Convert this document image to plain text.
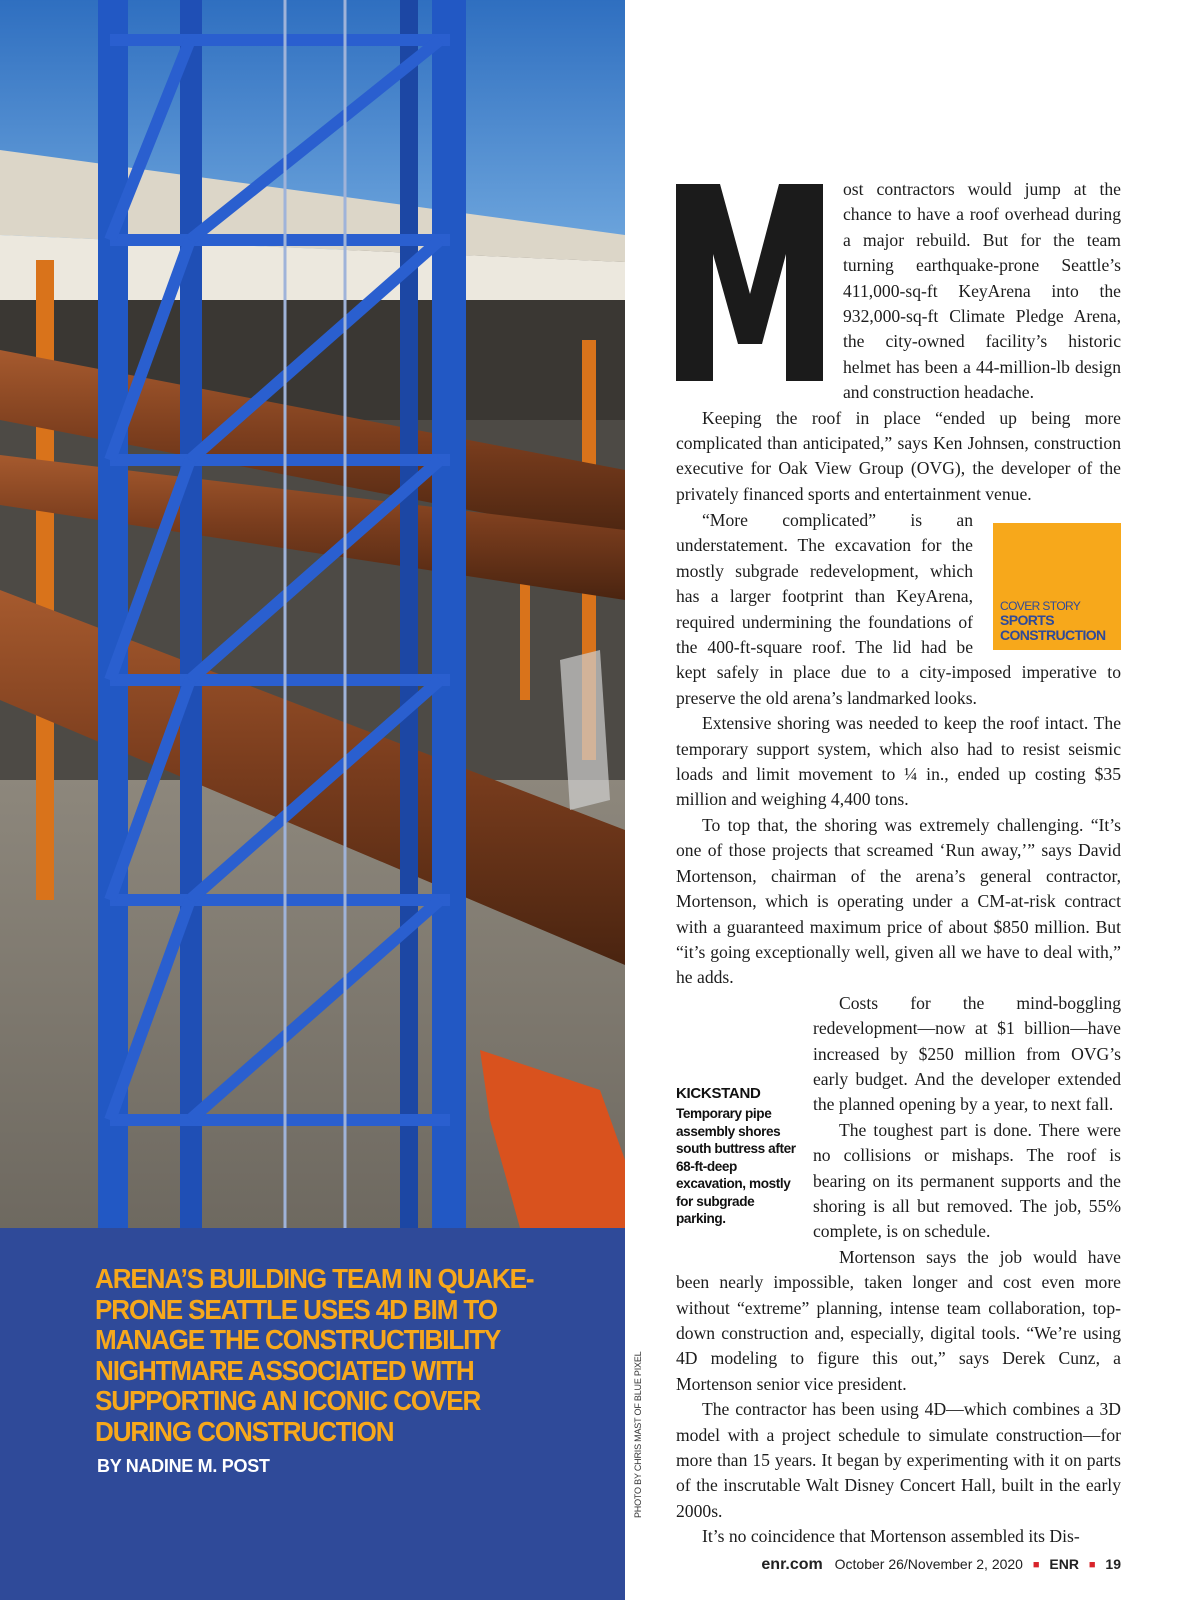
ARENA’S BUILDING TEAM IN QUAKE-PRONE SEATTLE USES 4D BIM TO MANAGE THE CONSTRUCTIBILITY NIGHTMARE ASSOCIATED WITH SUPPORTING AN ICONIC COVER DURING CONSTRUCTION
BY NADINE M. POST	PHOTO BY CHRIS MAST OF BLUE PIXEL

ost contractors would jump at the chance to have a roof overhead during a major rebuild. But for the team turning earthquake-prone Seattle’s 411,000-sq-ft KeyArena into the 932,000-sq-ft Climate Pledge Arena, the city-owned facility’s historic helmet has been a 44-million-lb design and construction headache.

Keeping the roof in place “ended up being more complicated than anticipated,” says Ken Johnsen, construction executive for Oak View Group (OVG), the developer of the privately financed sports and entertainment venue.

“More complicated” is an understatement. The excavation for the mostly subgrade redevelopment, which has a larger footprint than KeyArena, required undermining the foundations of the 400-ft-square roof. The lid had be kept safely in place due to a city-imposed imperative to preserve the old arena’s landmarked looks.

Extensive shoring was needed to keep the roof intact. The temporary support system, which also had to resist seismic loads and limit movement to ¼ in., ended up costing $35 million and weighing 4,400 tons.

To top that, the shoring was extremely challenging. “It’s one of those projects that screamed ‘Run away,’” says David Mortenson, chairman of the arena’s general contractor, Mortenson, which is operating under a CM-at-risk contract with a guaranteed maximum price of about $850 million. But “it’s going exceptionally well, given all we have to deal with,” he adds.

Costs for the mind-boggling redevelopment—now at $1 billion—have increased by $250 million from OVG’s early budget. And the developer extended the planned opening by a year, to next fall.

The toughest part is done. There were no collisions or mishaps. The roof is bearing on its permanent supports and the shoring is all but removed. The job, 55% complete, is on schedule.

Mortenson says the job would have been nearly impossible, taken longer and cost even more without “extreme” planning, intense team collaboration, top-down construction and, especially, digital tools. “We’re using 4D modeling to figure this out,” says Derek Cunz, a Mortenson senior vice president.

The contractor has been using 4D—which combines a 3D model with a project schedule to simulate construction—for more than 15 years. It began by experimenting with it on parts of the inscrutable Walt Disney Concert Hall, built in the early 2000s.

It’s no coincidence that Mortenson assembled its Dis-

COVER STORY
SPORTS CONSTRUCTION
KICKSTAND
Temporary pipe assembly shores south buttress after 68-ft-deep excavation, mostly for subgrade parking.
enr.com October 26/November 2, 2020 ■ ENR ■ 19
